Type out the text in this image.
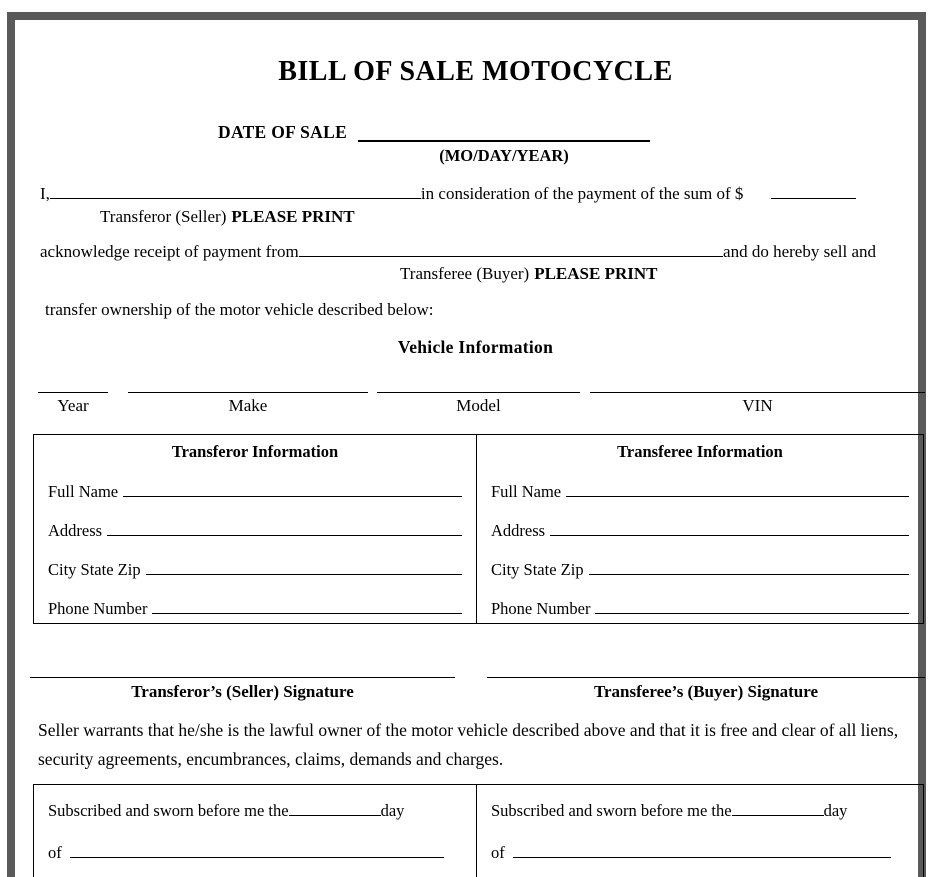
BILL OF SALE MOTOCYCLE
DATE OF SALE
(MO/DAY/YEAR)
I,	in consideration of the payment of the sum of $
Transferor (Seller) PLEASE PRINT
acknowledge receipt of payment from	and do hereby sell and
Transferee (Buyer) PLEASE PRINT
transfer ownership of the motor vehicle described below:
Vehicle Information
Year	Make	Model	VIN
Transferor Information
Full Name
Address
City State Zip
Phone Number
Transferee Information
Full Name
Address
City State Zip
Phone Number
Transferor’s (Seller) Signature	Transferee’s (Buyer) Signature
Seller warrants that he/she is the lawful owner of the motor vehicle described above and that it is free and clear of all liens, security agreements, encumbrances, claims, demands and charges.
Subscribed and sworn before me the	day
of
Subscribed and sworn before me the	day
of
